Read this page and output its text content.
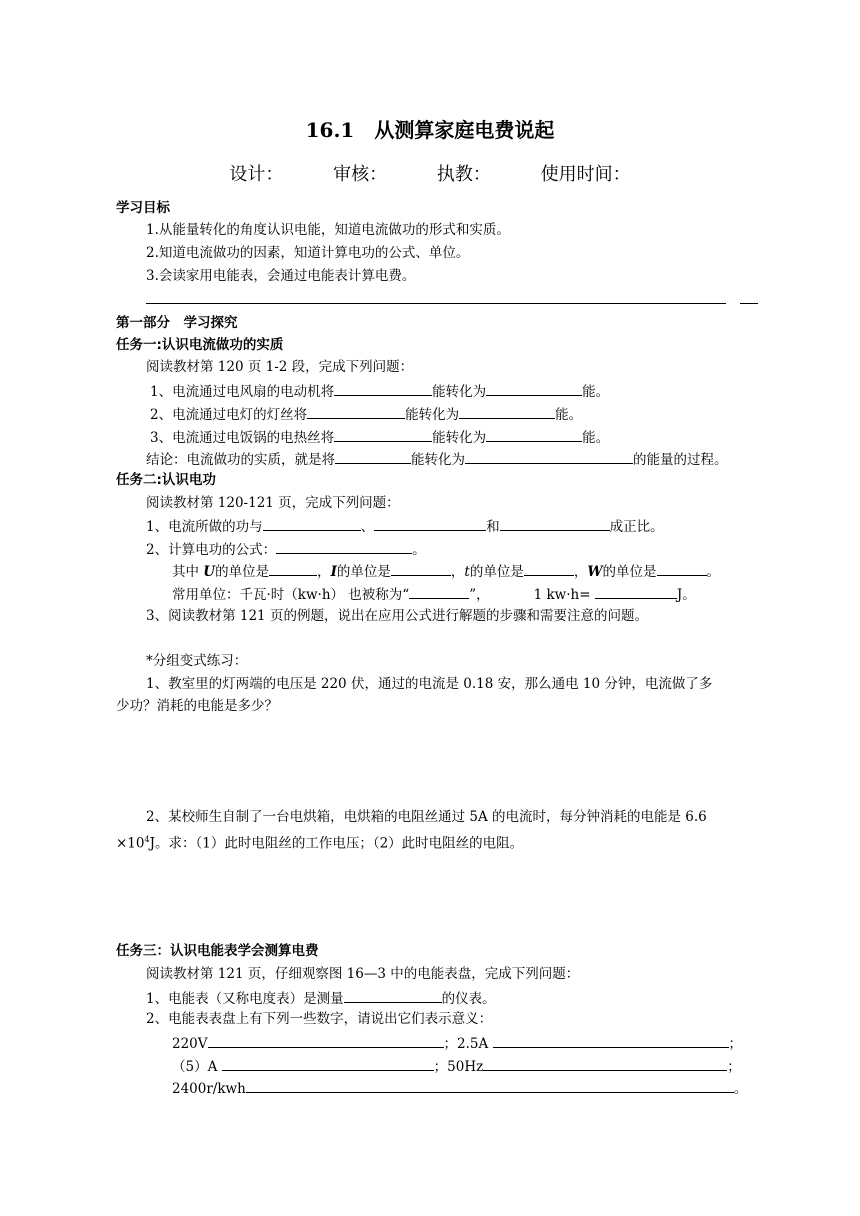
16.1　从测算家庭电费说起
设计：	审核：	执教：	使用时间：
学习目标
1.从能量转化的角度认识电能，知道电流做功的形式和实质。
2.知道电流做功的因素，知道计算电功的公式、单位。
3.会读家用电能表，会通过电能表计算电费。
第一部分　学习探究
任务一:认识电流做功的实质
阅读教材第 120 页 1-2 段，完成下列问题：
1、电流通过电风扇的电动机将	能转化为	能。
2、电流通过电灯的灯丝将	能转化为	能。
3、电流通过电饭锅的电热丝将	能转化为	能。
结论：电流做功的实质，就是将	能转化为	的能量的过程。
任务二:认识电功
阅读教材第 120-121 页，完成下列问题：
1、电流所做的功与	、	和	成正比。
2、计算电功的公式：	。
其中 U的单位是	，I的单位是	，t的单位是	，W的单位是	。
常用单位：千瓦·时（kw·h） 也被称为“	”，	1 kw·h=	J。
3、阅读教材第 121 页的例题，说出在应用公式进行解题的步骤和需要注意的问题。
*分组变式练习：
1、教室里的灯两端的电压是 220 伏，通过的电流是 0.18 安，那么通电 10 分钟，电流做了多
少功？消耗的电能是多少？
2、某校师生自制了一台电烘箱，电烘箱的电阻丝通过 5A 的电流时，每分钟消耗的电能是 6.6
$\times 10^4J$。求：（1）此时电阻丝的工作电压；（2）此时电阻丝的电阻。
任务三：认识电能表学会测算电费
阅读教材第 121 页，仔细观察图 16—3 中的电能表盘，完成下列问题：
1、电能表（又称电度表）是测量	的仪表。
2、电能表表盘上有下列一些数字，请说出它们表示意义：
220V	；2.5A	；
（5）A	；50Hz	；
2400r/kwh	。
